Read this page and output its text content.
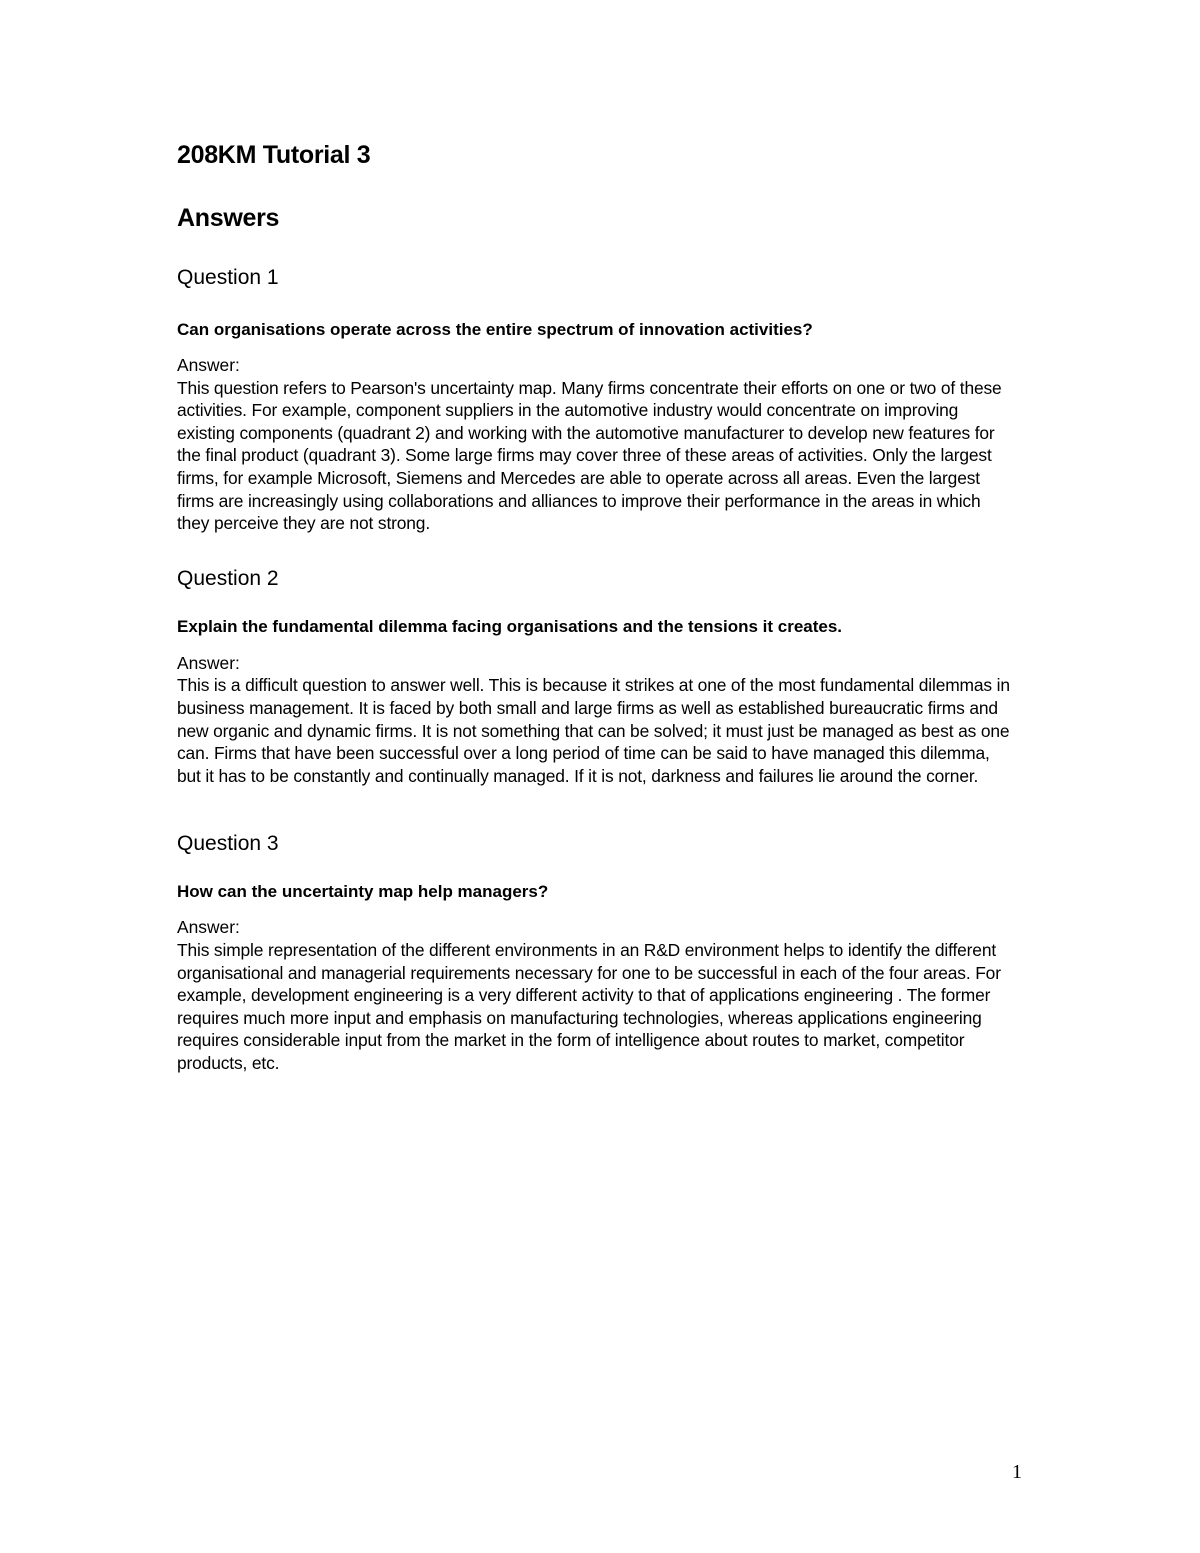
208KM Tutorial 3
Answers
Question 1

Can organisations operate across the entire spectrum of innovation activities?

Answer:

This question refers to Pearson's uncertainty map. Many firms concentrate their efforts on one or two of these activities. For example, component suppliers in the automotive industry would concentrate on improving existing components (quadrant 2) and working with the automotive manufacturer to develop new features for the final product (quadrant 3). Some large firms may cover three of these areas of activities. Only the largest firms, for example Microsoft, Siemens and Mercedes are able to operate across all areas. Even the largest firms are increasingly using collaborations and alliances to improve their performance in the areas in which they perceive they are not strong.

Question 2

Explain the fundamental dilemma facing organisations and the tensions it creates.

Answer:

This is a difficult question to answer well. This is because it strikes at one of the most fundamental dilemmas in business management. It is faced by both small and large firms as well as established bureaucratic firms and new organic and dynamic firms. It is not something that can be solved; it must just be managed as best as one can. Firms that have been successful over a long period of time can be said to have managed this dilemma, but it has to be constantly and continually managed. If it is not, darkness and failures lie around the corner.

Question 3

How can the uncertainty map help managers?

Answer:

This simple representation of the different environments in an R&D environment helps to identify the different organisational and managerial requirements necessary for one to be successful in each of the four areas. For example, development engineering is a very different activity to that of applications engineering . The former requires much more input and emphasis on manufacturing technologies, whereas applications engineering requires considerable input from the market in the form of intelligence about routes to market, competitor products, etc.

1
